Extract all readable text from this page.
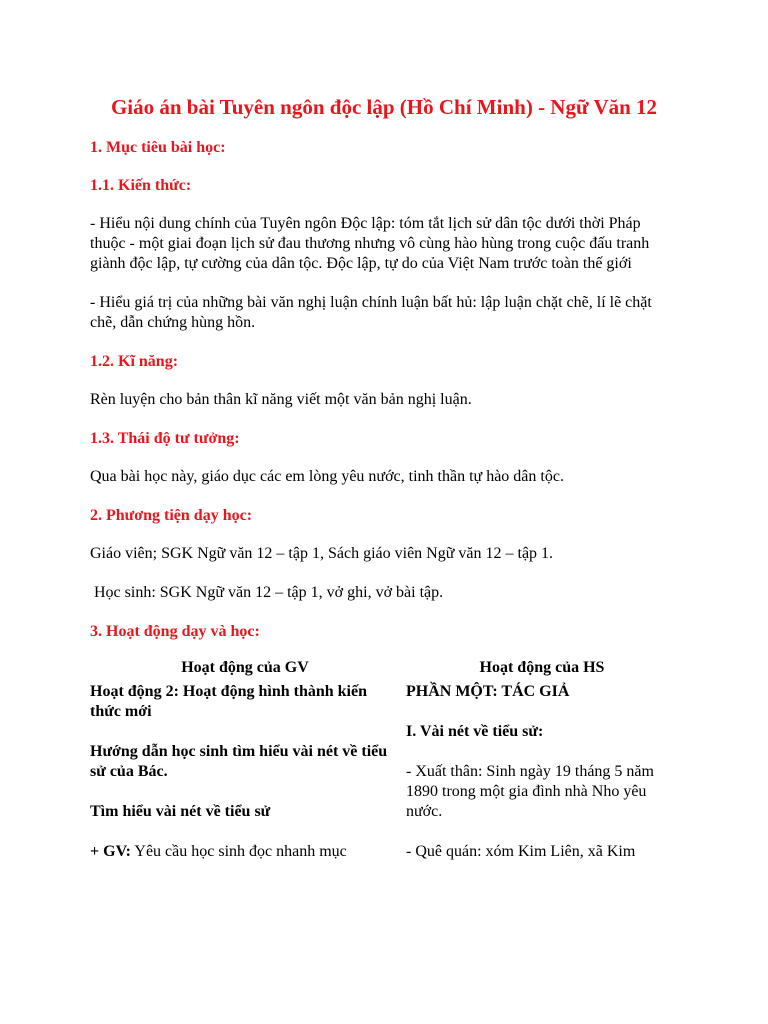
Giáo án bài Tuyên ngôn độc lập (Hồ Chí Minh) - Ngữ Văn 12
1. Mục tiêu bài học:
1.1. Kiến thức:
- Hiểu nội dung chính của Tuyên ngôn Độc lập: tóm tắt lịch sử dân tộc dưới thời Pháp thuộc - một giai đoạn lịch sử đau thương nhưng vô cùng hào hùng trong cuộc đấu tranh giành độc lập, tự cường của dân tộc. Độc lập, tự do của Việt Nam trước toàn thế giới
- Hiểu giá trị của những bài văn nghị luận chính luận bất hủ: lập luận chặt chẽ, lí lẽ chặt chẽ, dẫn chứng hùng hồn.
1.2. Kĩ năng:
Rèn luyện cho bản thân kĩ năng viết một văn bản nghị luận.
1.3. Thái độ tư tưởng:
Qua bài học này, giáo dục các em lòng yêu nước, tinh thần tự hào dân tộc.
2. Phương tiện dạy học:
Giáo viên; SGK Ngữ văn 12 – tập 1, Sách giáo viên Ngữ văn 12 – tập 1.
Học sinh: SGK Ngữ văn 12 – tập 1, vở ghi, vở bài tập.
3. Hoạt động dạy và học:
Hoạt động của GV
Hoạt động 2: Hoạt động hình thành kiến thức mới
Hướng dẫn học sinh tìm hiểu vài nét về tiểu sử của Bác.
Tìm hiểu vài nét về tiểu sử
+ GV: Yêu cầu học sinh đọc nhanh mục
Hoạt động của HS
PHẦN MỘT: TÁC GIẢ
I. Vài nét về tiểu sử:
- Xuất thân: Sinh ngày 19 tháng 5 năm 1890 trong một gia đình nhà Nho yêu nước.
- Quê quán: xóm Kim Liên, xã Kim
